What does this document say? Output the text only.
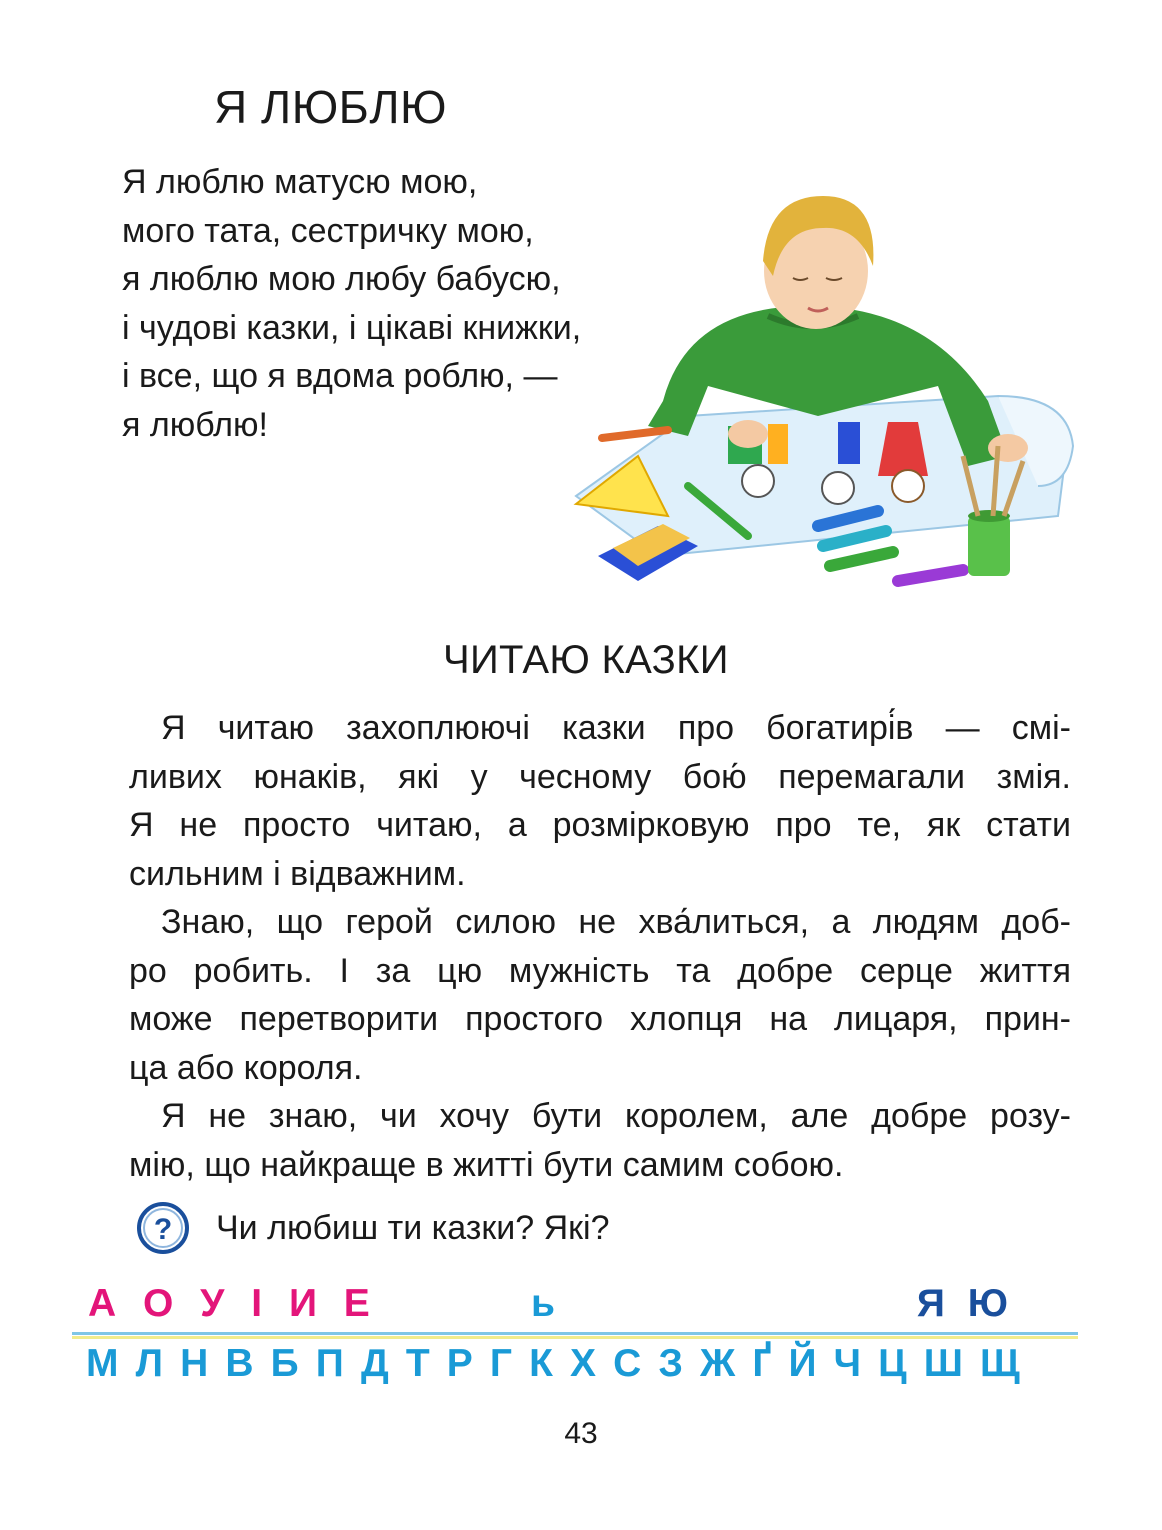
Я ЛЮБЛЮ
Я люблю матусю мою,
мого тата, сестричку мою,
я люблю мою любу бабусю,
і чудові казки, і цікаві книжки,
і все, що я вдома роблю, —
я люблю!
ЧИТАЮ КАЗКИ
Я читаю захоплюючі казки про богатирі́в — смі-
ливих юнаків, які у чесному бою́ перемагали змія.
Я не просто читаю, а розмірковую про те, як стати
сильним і відважним.
Знаю, що герой силою не хва́литься, а людям доб-
ро робить. І за цю мужність та добре серце життя
може перетворити простого хлопця на лицаря, прин-
ца або короля.
Я не знаю, чи хочу бути королем, але добре розу-
мію, що найкраще в житті бути самим собою.
? Чи любиш ти казки? Які?
А О У І И Е	ь	Я Ю
М Л Н В Б П Д Т Р Г К Х С З Ж Ґ Й Ч Ц Ш Щ
43
